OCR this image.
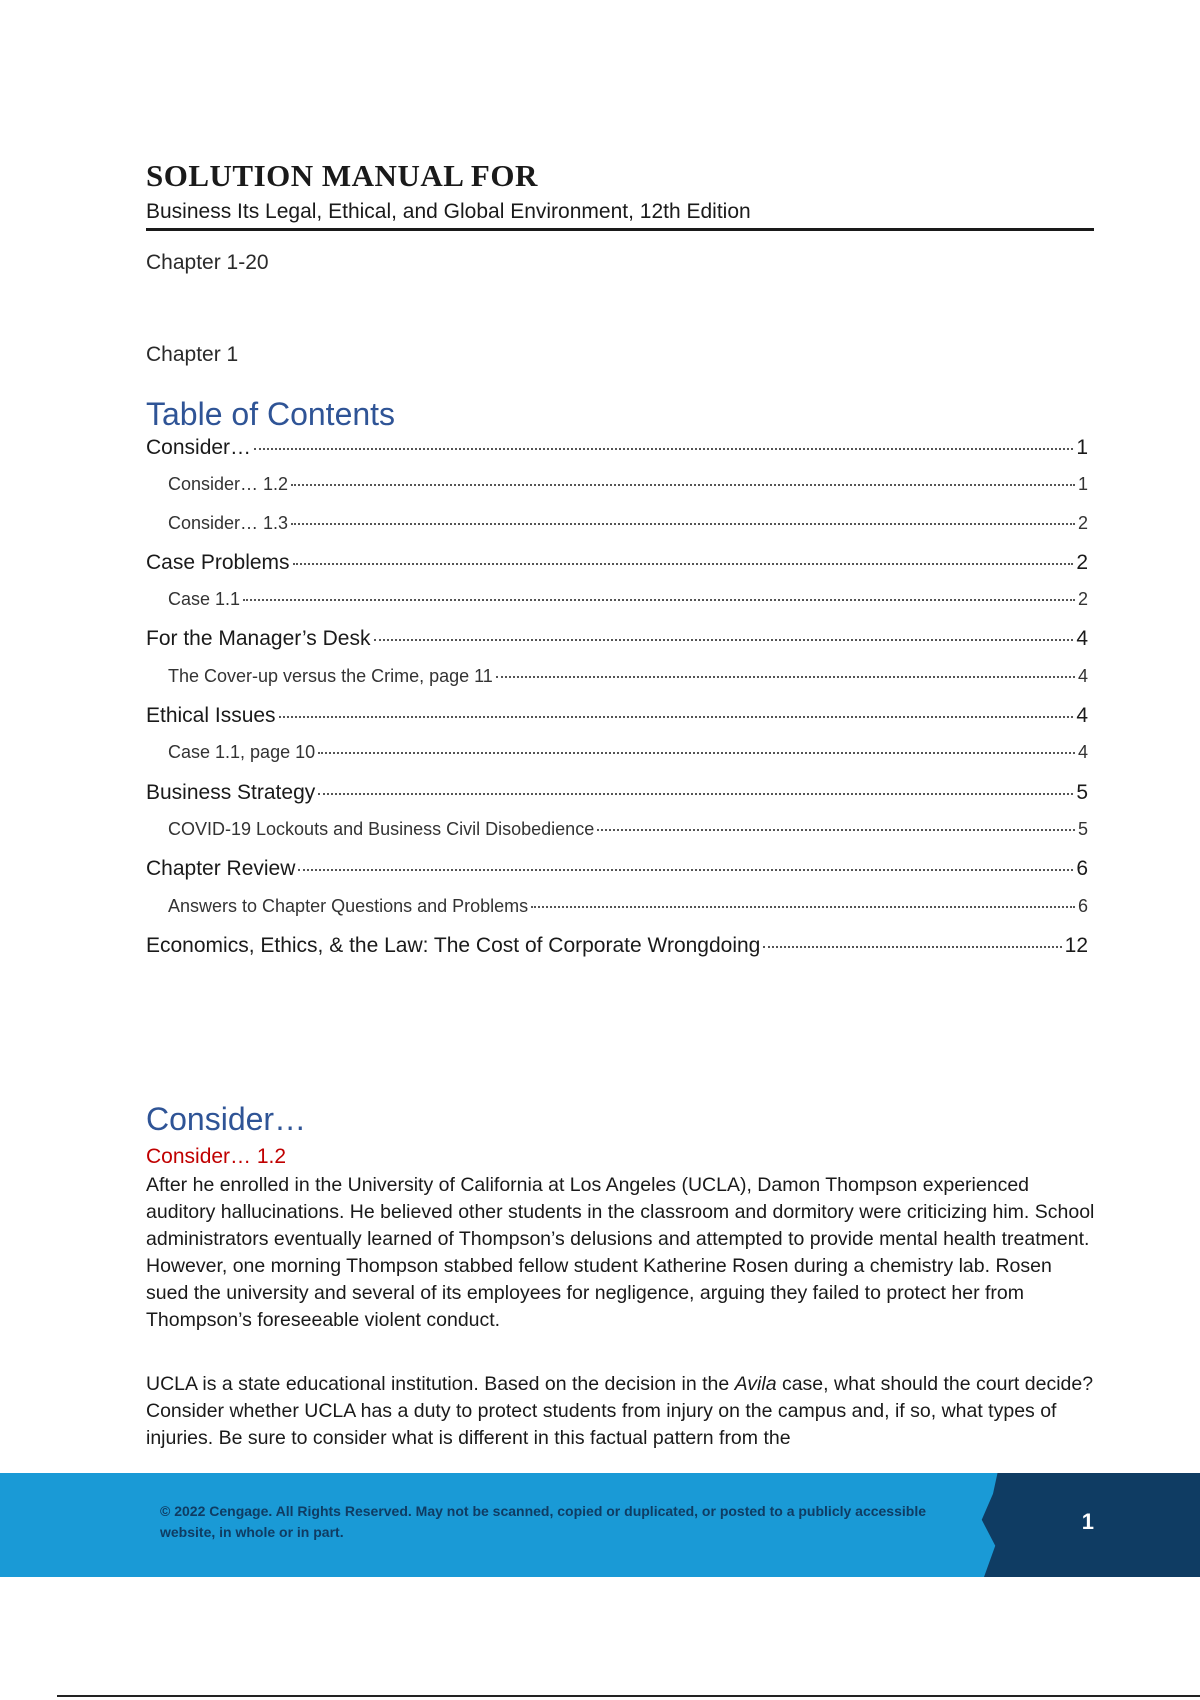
SOLUTION MANUAL FOR
Business Its Legal, Ethical, and Global Environment, 12th Edition
Chapter 1-20
Chapter 1
Table of Contents
Consider…	1
Consider… 1.2	1
Consider… 1.3	2
Case Problems	2
Case 1.1	2
For the Manager’s Desk	4
The Cover-up versus the Crime, page 11	4
Ethical Issues	4
Case 1.1, page 10	4
Business Strategy	5
COVID-19 Lockouts and Business Civil Disobedience	5
Chapter Review	6
Answers to Chapter Questions and Problems	6
Economics, Ethics, & the Law: The Cost of Corporate Wrongdoing	12
Consider…
Consider… 1.2

After he enrolled in the University of California at Los Angeles (UCLA), Damon Thompson experienced auditory hallucinations. He believed other students in the classroom and dormitory were criticizing him. School administrators eventually learned of Thompson’s delusions and attempted to provide mental health treatment. However, one morning Thompson stabbed fellow student Katherine Rosen during a chemistry lab. Rosen sued the university and several of its employees for negligence, arguing they failed to protect her from Thompson’s foreseeable violent conduct.

UCLA is a state educational institution. Based on the decision in the Avila case, what should the court decide? Consider whether UCLA has a duty to protect students from injury on the campus and, if so, what types of injuries. Be sure to consider what is different in this factual pattern from the

© 2022 Cengage. All Rights Reserved. May not be scanned, copied or duplicated, or posted to a publicly accessible website, in whole or in part.	1
